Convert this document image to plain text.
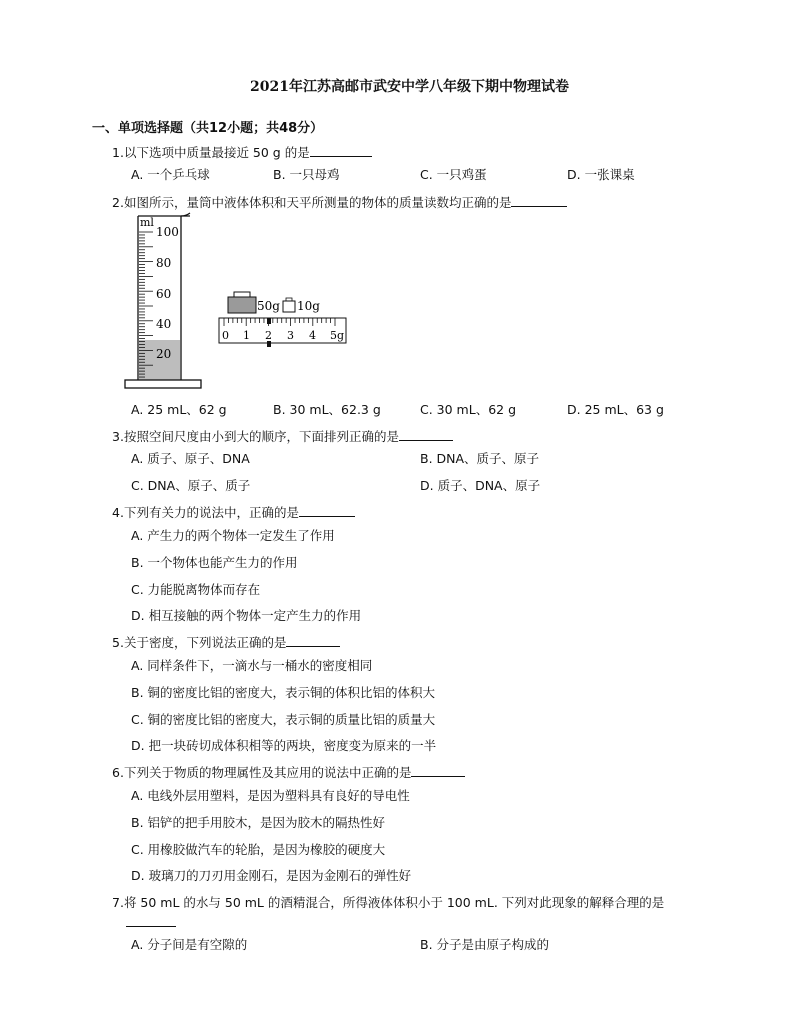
2021年江苏高邮市武安中学八年级下期中物理试卷
一、单项选择题（共12小题；共48分）
1.以下选项中质量最接近 50 g 的是
A. 一个乒乓球	B. 一只母鸡	C. 一只鸡蛋	D. 一张课桌
2.如图所示，量筒中液体体积和天平所测量的物体的质量读数均正确的是
ml
100
80
60
40
20
50g 10g
0 1 2 3 4 5g
A. 25 mL、62 g	B. 30 mL、62.3 g	C. 30 mL、62 g	D. 25 mL、63 g
3.按照空间尺度由小到大的顺序，下面排列正确的是
A. 质子、原子、DNA	B. DNA、质子、原子
C. DNA、原子、质子	D. 质子、DNA、原子
4.下列有关力的说法中，正确的是
A. 产生力的两个物体一定发生了作用
B. 一个物体也能产生力的作用
C. 力能脱离物体而存在
D. 相互接触的两个物体一定产生力的作用
5.关于密度，下列说法正确的是
A. 同样条件下，一滴水与一桶水的密度相同
B. 铜的密度比铝的密度大，表示铜的体积比铝的体积大
C. 铜的密度比铝的密度大，表示铜的质量比铝的质量大
D. 把一块砖切成体积相等的两块，密度变为原来的一半
6.下列关于物质的物理属性及其应用的说法中正确的是
A. 电线外层用塑料，是因为塑料具有良好的导电性
B. 铝铲的把手用胶木，是因为胶木的隔热性好
C. 用橡胶做汽车的轮胎，是因为橡胶的硬度大
D. 玻璃刀的刀刃用金刚石，是因为金刚石的弹性好
7.将 50 mL 的水与 50 mL 的酒精混合，所得液体体积小于 100 mL. 下列对此现象的解释合理的是
A. 分子间是有空隙的	B. 分子是由原子构成的
